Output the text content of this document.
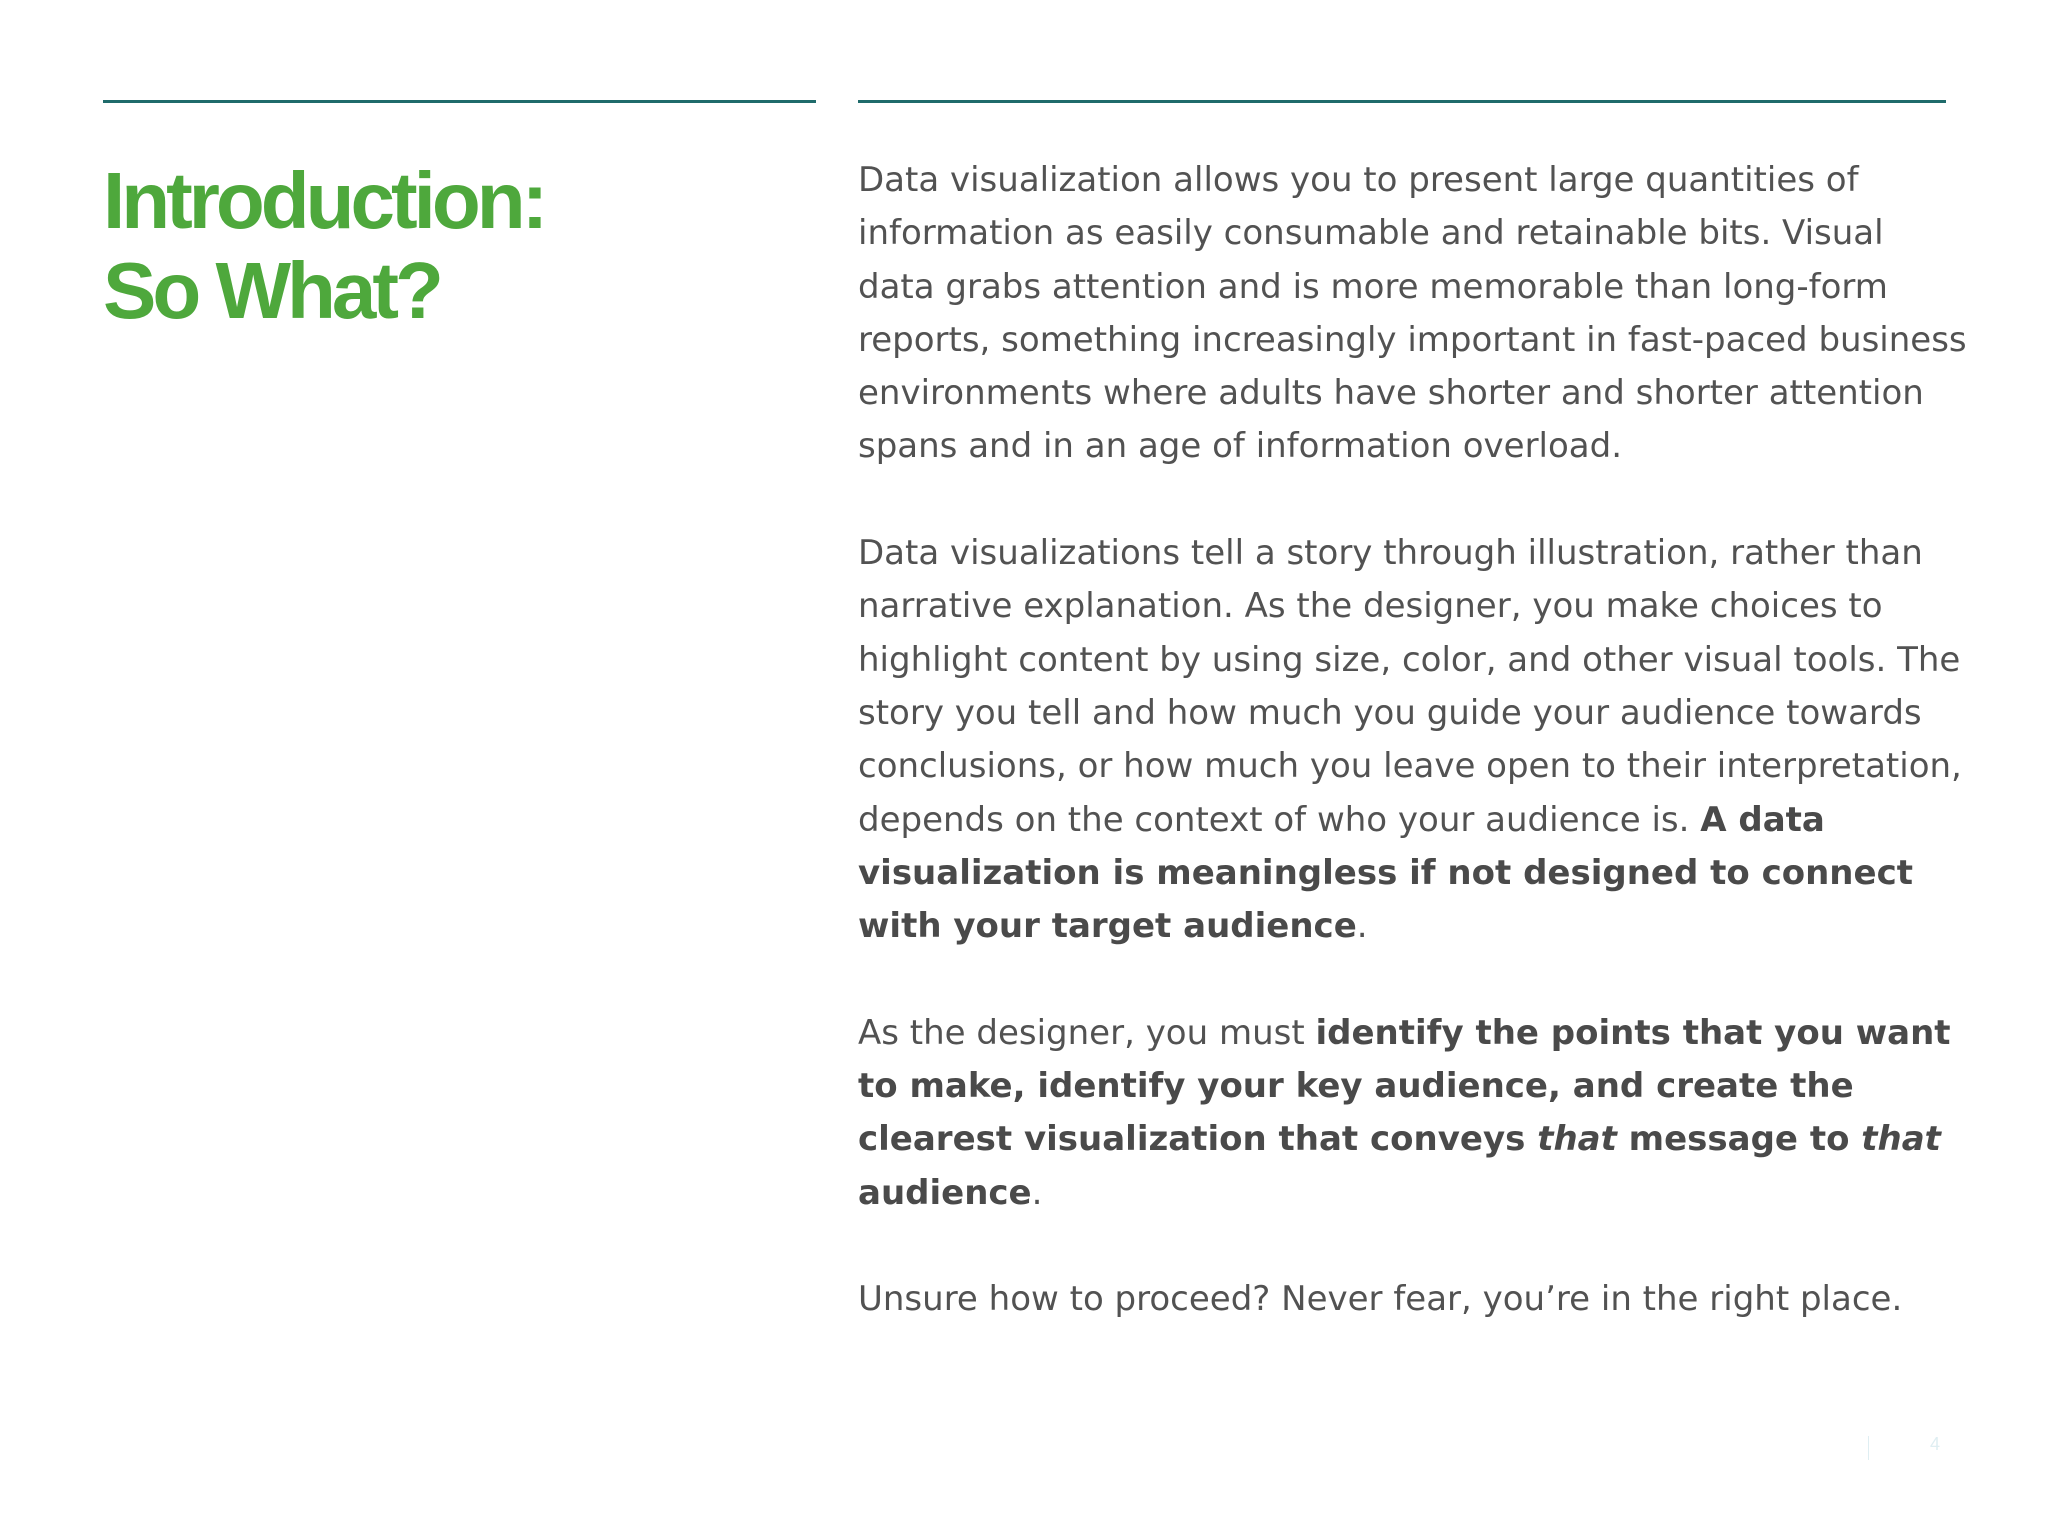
Introduction:
So What?

Data visualization allows you to present large quantities of information as easily consumable and retainable bits. Visual data grabs attention and is more memorable than long-form reports, something increasingly important in fast-paced business environments where adults have shorter and shorter attention spans and in an age of information overload.

Data visualizations tell a story through illustration, rather than narrative explanation. As the designer, you make choices to highlight content by using size, color, and other visual tools. The story you tell and how much you guide your audience towards conclusions, or how much you leave open to their interpretation, depends on the context of who your audience is. A data visualization is meaningless if not designed to connect with your target audience.

As the designer, you must identify the points that you want to make, identify your key audience, and create the clearest visualization that conveys that message to that audience.

Unsure how to proceed? Never fear, you’re in the right place.

4
